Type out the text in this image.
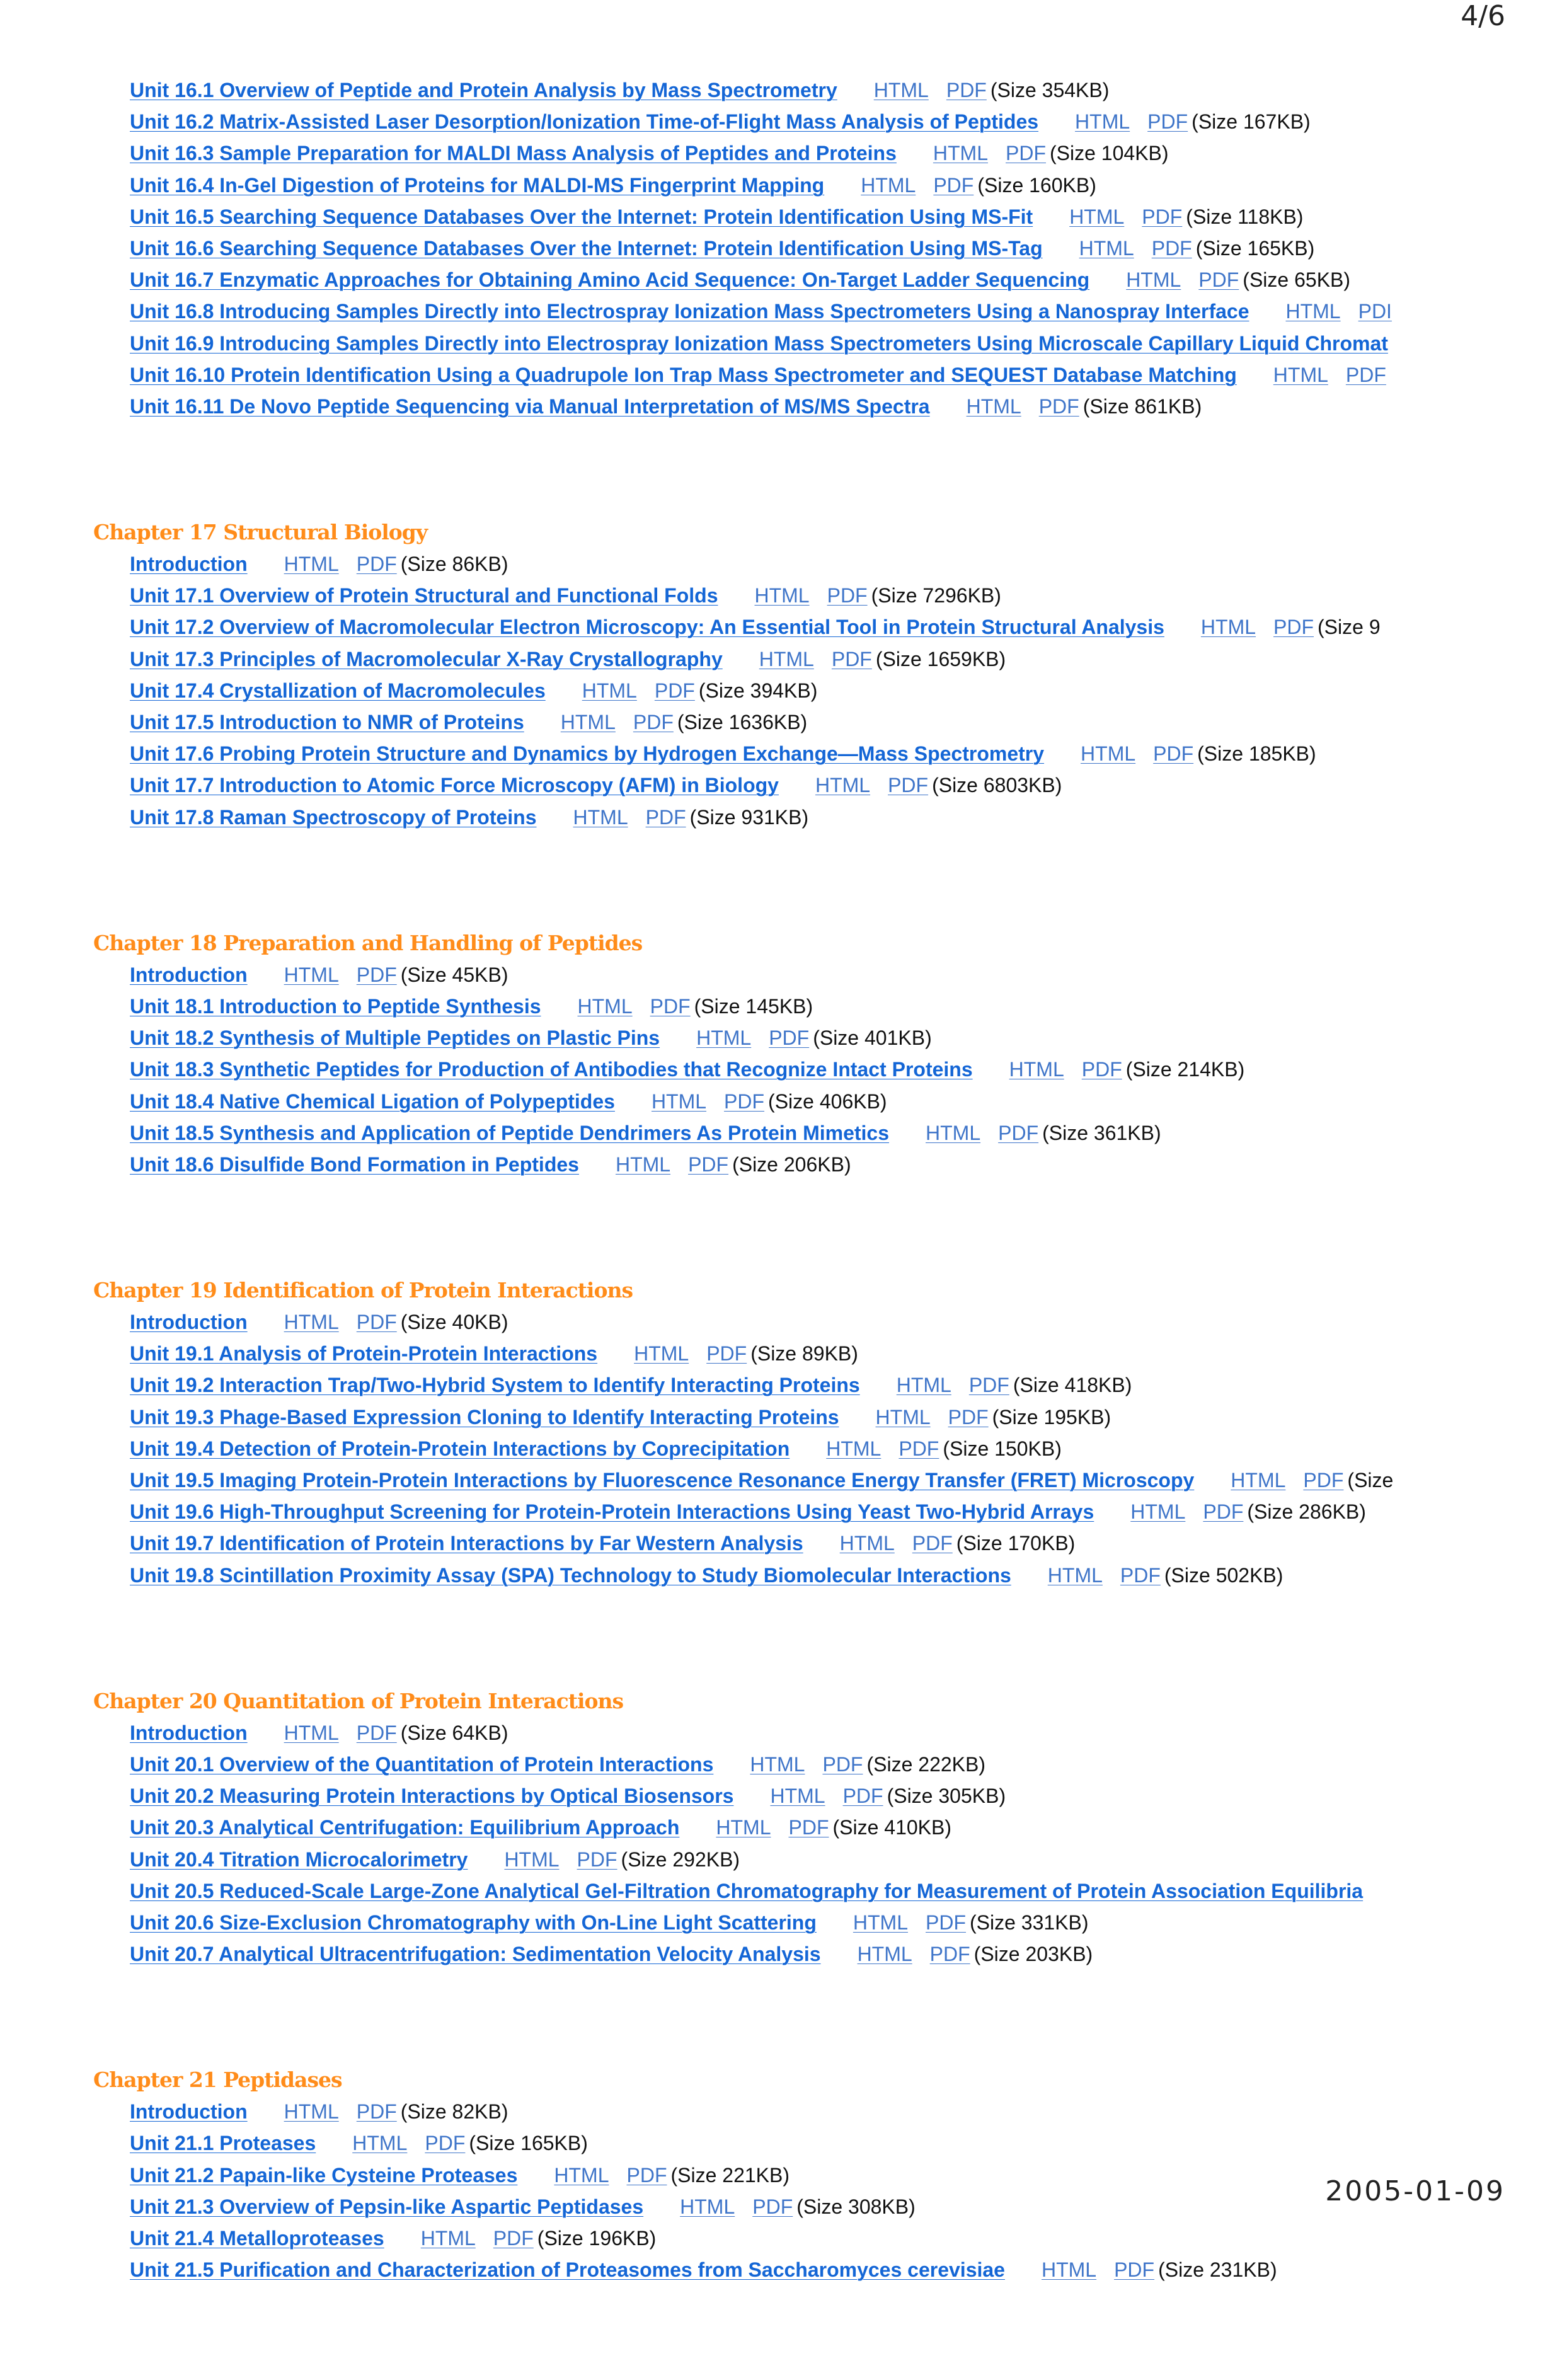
4/6
Unit 16.1 Overview of Peptide and Protein Analysis by Mass Spectrometry HTML PDF (Size 354KB)
Unit 16.2 Matrix-Assisted Laser Desorption/Ionization Time-of-Flight Mass Analysis of Peptides HTML PDF (Size 167KB)
Unit 16.3 Sample Preparation for MALDI Mass Analysis of Peptides and Proteins HTML PDF (Size 104KB)
Unit 16.4 In-Gel Digestion of Proteins for MALDI-MS Fingerprint Mapping HTML PDF (Size 160KB)
Unit 16.5 Searching Sequence Databases Over the Internet: Protein Identification Using MS-Fit HTML PDF (Size 118KB)
Unit 16.6 Searching Sequence Databases Over the Internet: Protein Identification Using MS-Tag HTML PDF (Size 165KB)
Unit 16.7 Enzymatic Approaches for Obtaining Amino Acid Sequence: On-Target Ladder Sequencing HTML PDF (Size 65KB)
Unit 16.8 Introducing Samples Directly into Electrospray Ionization Mass Spectrometers Using a Nanospray Interface HTML PDI
Unit 16.9 Introducing Samples Directly into Electrospray Ionization Mass Spectrometers Using Microscale Capillary Liquid Chromat
Unit 16.10 Protein Identification Using a Quadrupole Ion Trap Mass Spectrometer and SEQUEST Database Matching HTML PDF
Unit 16.11 De Novo Peptide Sequencing via Manual Interpretation of MS/MS Spectra HTML PDF (Size 861KB)
Chapter 17 Structural Biology
Introduction HTML PDF (Size 86KB)
Unit 17.1 Overview of Protein Structural and Functional Folds HTML PDF (Size 7296KB)
Unit 17.2 Overview of Macromolecular Electron Microscopy: An Essential Tool in Protein Structural Analysis HTML PDF (Size 9
Unit 17.3 Principles of Macromolecular X-Ray Crystallography HTML PDF (Size 1659KB)
Unit 17.4 Crystallization of Macromolecules HTML PDF (Size 394KB)
Unit 17.5 Introduction to NMR of Proteins HTML PDF (Size 1636KB)
Unit 17.6 Probing Protein Structure and Dynamics by Hydrogen Exchange—Mass Spectrometry HTML PDF (Size 185KB)
Unit 17.7 Introduction to Atomic Force Microscopy (AFM) in Biology HTML PDF (Size 6803KB)
Unit 17.8 Raman Spectroscopy of Proteins HTML PDF (Size 931KB)
Chapter 18 Preparation and Handling of Peptides
Introduction HTML PDF (Size 45KB)
Unit 18.1 Introduction to Peptide Synthesis HTML PDF (Size 145KB)
Unit 18.2 Synthesis of Multiple Peptides on Plastic Pins HTML PDF (Size 401KB)
Unit 18.3 Synthetic Peptides for Production of Antibodies that Recognize Intact Proteins HTML PDF (Size 214KB)
Unit 18.4 Native Chemical Ligation of Polypeptides HTML PDF (Size 406KB)
Unit 18.5 Synthesis and Application of Peptide Dendrimers As Protein Mimetics HTML PDF (Size 361KB)
Unit 18.6 Disulfide Bond Formation in Peptides HTML PDF (Size 206KB)
Chapter 19 Identification of Protein Interactions
Introduction HTML PDF (Size 40KB)
Unit 19.1 Analysis of Protein-Protein Interactions HTML PDF (Size 89KB)
Unit 19.2 Interaction Trap/Two-Hybrid System to Identify Interacting Proteins HTML PDF (Size 418KB)
Unit 19.3 Phage-Based Expression Cloning to Identify Interacting Proteins HTML PDF (Size 195KB)
Unit 19.4 Detection of Protein-Protein Interactions by Coprecipitation HTML PDF (Size 150KB)
Unit 19.5 Imaging Protein-Protein Interactions by Fluorescence Resonance Energy Transfer (FRET) Microscopy HTML PDF (Size
Unit 19.6 High-Throughput Screening for Protein-Protein Interactions Using Yeast Two-Hybrid Arrays HTML PDF (Size 286KB)
Unit 19.7 Identification of Protein Interactions by Far Western Analysis HTML PDF (Size 170KB)
Unit 19.8 Scintillation Proximity Assay (SPA) Technology to Study Biomolecular Interactions HTML PDF (Size 502KB)
Chapter 20 Quantitation of Protein Interactions
Introduction HTML PDF (Size 64KB)
Unit 20.1 Overview of the Quantitation of Protein Interactions HTML PDF (Size 222KB)
Unit 20.2 Measuring Protein Interactions by Optical Biosensors HTML PDF (Size 305KB)
Unit 20.3 Analytical Centrifugation: Equilibrium Approach HTML PDF (Size 410KB)
Unit 20.4 Titration Microcalorimetry HTML PDF (Size 292KB)
Unit 20.5 Reduced-Scale Large-Zone Analytical Gel-Filtration Chromatography for Measurement of Protein Association Equilibria
Unit 20.6 Size-Exclusion Chromatography with On-Line Light Scattering HTML PDF (Size 331KB)
Unit 20.7 Analytical Ultracentrifugation: Sedimentation Velocity Analysis HTML PDF (Size 203KB)
Chapter 21 Peptidases
Introduction HTML PDF (Size 82KB)
Unit 21.1 Proteases HTML PDF (Size 165KB)
Unit 21.2 Papain-like Cysteine Proteases HTML PDF (Size 221KB)
Unit 21.3 Overview of Pepsin-like Aspartic Peptidases HTML PDF (Size 308KB)
Unit 21.4 Metalloproteases HTML PDF (Size 196KB)
Unit 21.5 Purification and Characterization of Proteasomes from Saccharomyces cerevisiae HTML PDF (Size 231KB)
2005-01-09
